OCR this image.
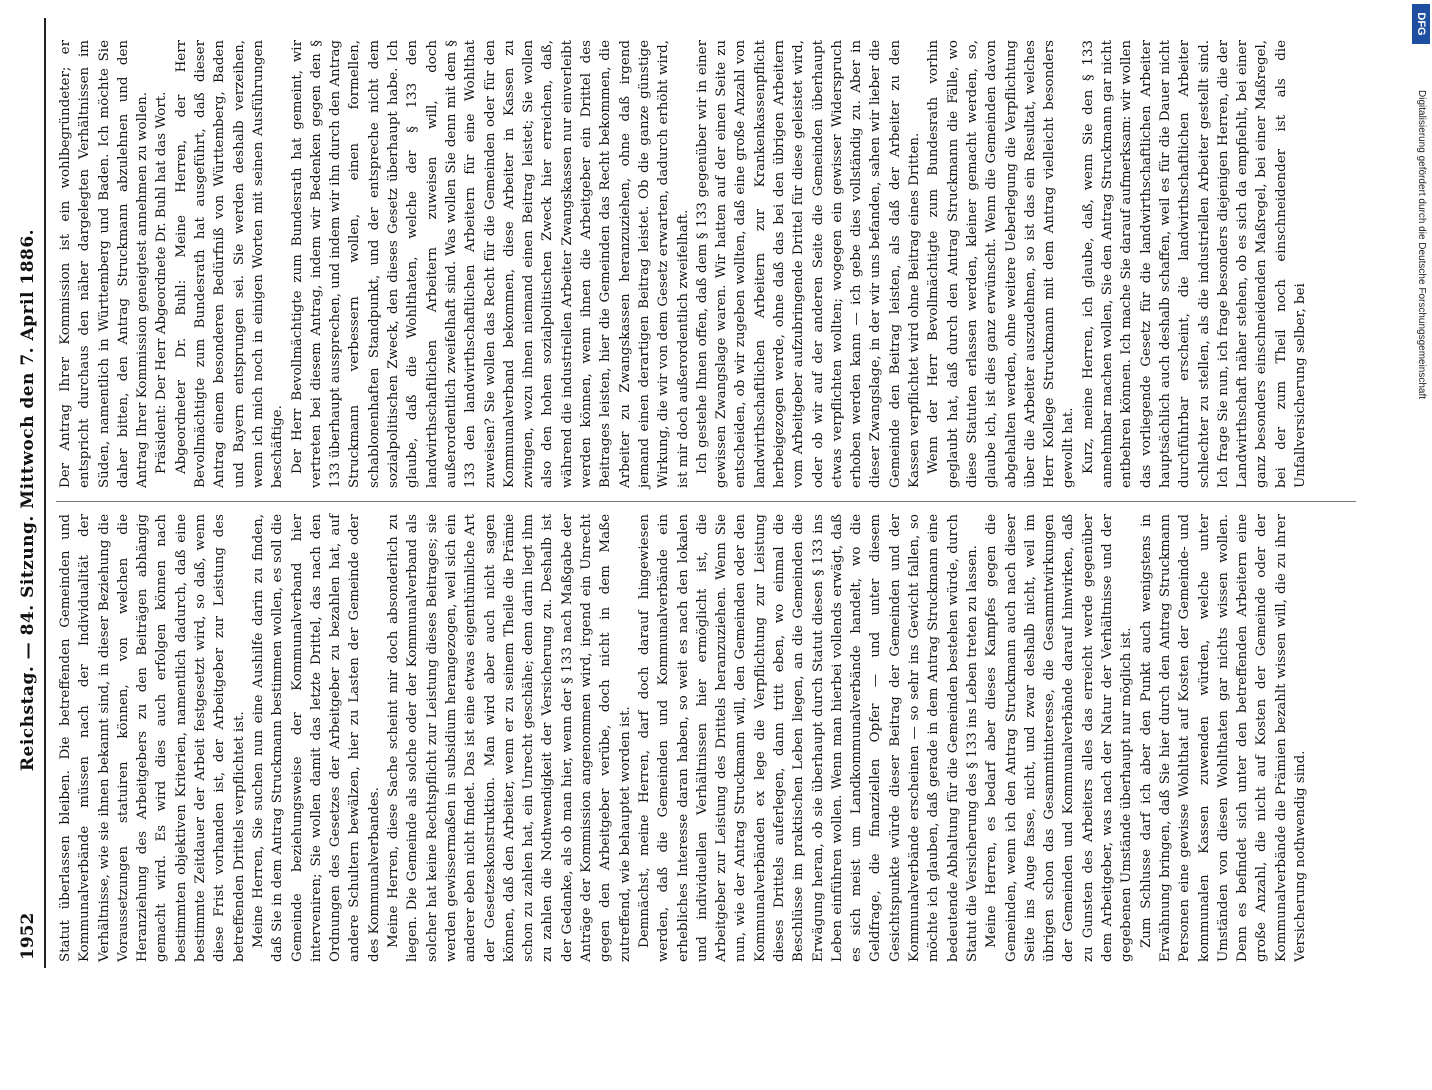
1952
Reichstag. — 84. Sitzung. Mittwoch den 7. April 1886. Statut überlassen bleiben. Die betreffenden Gemeinden und Kommunalverbände müssen nach der Individualität der Verhältnisse, wie sie ihnen bekannt sind, in dieser Beziehung die Voraussetzungen statuiren können, von welchen die Heranziehung des Arbeitgebers zu den Beiträgen abhängig gemacht wird. Es wird dies auch erfolgen können nach bestimmten objektiven Kriterien, namentlich dadurch, daß eine bestimmte Zeitdauer der Arbeit festgesetzt wird, so daß, wenn diese Frist vorhanden ist, der Arbeitgeber zur Leistung des betreffenden Drittels verpflichtet ist. Meine Herren, Sie suchen nun eine Aushilfe darin zu finden, daß Sie in dem Antrag Struckmann bestimmen wollen, es soll die Gemeinde beziehungsweise der Kommunalverband hier interveniren; Sie wollen damit das letzte Drittel, das nach den Ordnungen des Gesetzes der Arbeitgeber zu bezahlen hat, auf andere Schultern bewälzen, hier zu Lasten der Gemeinde oder des Kommunalverbandes. Meine Herren, diese Sache scheint mir doch absonderlich zu liegen. Die Gemeinde als solche oder der Kommunalverband als solcher hat keine Rechtspflicht zur Leistung dieses Beitrages; sie werden gewissermaßen in subsidium herangezogen, weil sich ein anderer eben nicht findet. Das ist eine etwas eigenthümliche Art der Gesetzeskonstruktion. Man wird aber auch nicht sagen können, daß den Arbeiter, wenn er zu seinem Theile die Prämie schon zu zahlen hat, ein Unrecht geschähe; denn darin liegt ihm zu zahlen die Nothwendigkeit der Versicherung zu. Deshalb ist der Gedanke, als ob man hier, wenn der § 133 nach Maßgabe der Anträge der Kommission angenommen wird, irgend ein Unrecht gegen den Arbeitgeber verübe, doch nicht in dem Maße zutreffend, wie behauptet worden ist. Demnächst, meine Herren, darf doch darauf hingewiesen werden, daß die Gemeinden und Kommunalverbände ein erhebliches Interesse daran haben, so weit es nach den lokalen und individuellen Verhältnissen hier ermöglicht ist, die Arbeitgeber zur Leistung des Drittels heranzuziehen. Wenn Sie nun, wie der Antrag Struckmann will, den Gemeinden oder den Kommunalverbänden ex lege die Verpflichtung zur Leistung dieses Drittels auferlegen, dann tritt eben, wo einmal die Beschlüsse im praktischen Leben liegen, an die Gemeinden die Erwägung heran, ob sie überhaupt durch Statut diesen § 133 ins Leben einführen wollen. Wenn man hierbei vollends erwägt, daß es sich meist um Landkommunalverbände handelt, wo die Geldfrage, die finanziellen Opfer — und unter diesem Gesichtspunkte würde dieser Beitrag der Gemeinden und der Kommunalverbände erscheinen — so sehr ins Gewicht fallen, so möchte ich glauben, daß gerade in dem Antrag Struckmann eine bedeutende Abhaltung für die Gemeinden bestehen würde, durch Statut die Versicherung des § 133 ins Leben treten zu lassen. Meine Herren, es bedarf aber dieses Kampfes gegen die Gemeinden, wenn ich den Antrag Struckmann auch nach dieser Seite ins Auge fasse, nicht, und zwar deshalb nicht, weil im übrigen schon das Gesammtinteresse, die Gesammtwirkungen der Gemeinden und Kommunalverbände darauf hinwirken, daß zu Gunsten des Arbeiters alles das erreicht werde gegenüber dem Arbeitgeber, was nach der Natur der Verhältnisse und der gegebenen Umstände überhaupt nur möglich ist. Zum Schlusse darf ich aber den Punkt auch wenigstens in Erwähnung bringen, daß Sie hier durch den Antrag Struckmann Personen eine gewisse Wohlthat auf Kosten der Gemeinde- und kommunalen Kassen zuwenden würden, welche unter Umständen von diesen Wohlthaten gar nichts wissen wollen. Denn es befindet sich unter den betreffenden Arbeitern eine große Anzahl, die nicht auf Kosten der Gemeinde oder der Kommunalverbände die Prämien bezahlt wissen will, die zu ihrer Versicherung nothwendig sind.

Der Antrag Ihrer Kommission ist ein wohlbegründeter; er entspricht durchaus den näher dargelegten Verhältnissen im Süden, namentlich in Württemberg und Baden. Ich möchte Sie daher bitten, den Antrag Struckmann abzulehnen und den Antrag Ihrer Kommission geneigtest annehmen zu wollen. Präsident: Der Herr Abgeordnete Dr. Buhl hat das Wort. Abgeordneter Dr. Buhl: Meine Herren, der Herr Bevollmächtigte zum Bundesrath hat ausgeführt, daß dieser Antrag einem besonderen Bedürfniß von Württemberg, Baden und Bayern entsprungen sei. Sie werden deshalb verzeihen, wenn ich mich noch in einigen Worten mit seinen Ausführungen beschäftige. Der Herr Bevollmächtigte zum Bundesrath hat gemeint, wir vertreten bei diesem Antrag, indem wir Bedenken gegen den § 133 überhaupt aussprechen, und indem wir ihn durch den Antrag Struckmann verbessern wollen, einen formellen, schablonenhaften Standpunkt, und der entspreche nicht dem sozialpolitischen Zweck, den dieses Gesetz überhaupt habe. Ich glaube, daß die Wohlthaten, welche der § 133 den landwirthschaftlichen Arbeitern zuweisen will, doch außerordentlich zweifelhaft sind. Was wollen Sie denn mit dem § 133 den landwirthschaftlichen Arbeitern für eine Wohlthat zuweisen? Sie wollen das Recht für die Gemeinden oder für den Kommunalverband bekommen, diese Arbeiter in Kassen zu zwingen, wozu ihnen niemand einen Beitrag leistet; Sie wollen also den hohen sozialpolitischen Zweck hier erreichen, daß, während die industriellen Arbeiter Zwangskassen nur einverleibt werden können, wenn ihnen die Arbeitgeber ein Drittel des Beitrages leisten, hier die Gemeinden das Recht bekommen, die Arbeiter zu Zwangskassen heranzuziehen, ohne daß irgend jemand einen derartigen Beitrag leistet. Ob die ganze günstige Wirkung, die wir von dem Gesetz erwarten, dadurch erhöht wird, ist mir doch außerordentlich zweifelhaft. Ich gestehe Ihnen offen, daß dem § 133 gegenüber wir in einer gewissen Zwangslage waren. Wir hatten auf der einen Seite zu entscheiden, ob wir zugeben wollten, daß eine große Anzahl von landwirthschaftlichen Arbeitern zur Krankenkassenpflicht herbeigezogen werde, ohne daß das bei den übrigen Arbeitern vom Arbeitgeber aufzubringende Drittel für diese geleistet wird, oder ob wir auf der anderen Seite die Gemeinden überhaupt etwas verpflichten wollten; wogegen ein gewisser Widerspruch erhoben werden kann — ich gebe dies vollständig zu. Aber in dieser Zwangslage, in der wir uns befanden, sahen wir lieber die Gemeinde den Beitrag leisten, als daß der Arbeiter zu den Kassen verpflichtet wird ohne Beitrag eines Dritten. Wenn der Herr Bevollmächtigte zum Bundesrath vorhin geglaubt hat, daß durch den Antrag Struckmann die Fälle, wo diese Statuten erlassen werden, kleiner gemacht werden, so, glaube ich, ist dies ganz erwünscht. Wenn die Gemeinden davon abgehalten werden, ohne weitere Ueberlegung die Verpflichtung über die Arbeiter auszudehnen, so ist das ein Resultat, welches Herr Kollege Struckmann mit dem Antrag vielleicht besonders gewollt hat. Kurz, meine Herren, ich glaube, daß, wenn Sie den § 133 annehmbar machen wollen, Sie den Antrag Struckmann gar nicht entbehren können. Ich mache Sie darauf aufmerksam: wir wollen das vorliegende Gesetz für die landwirthschaftlichen Arbeiter hauptsächlich auch deshalb schaffen, weil es für die Dauer nicht durchführbar erscheint, die landwirthschaftlichen Arbeiter schlechter zu stellen, als die industriellen Arbeiter gestellt sind. Ich frage Sie nun, ich frage besonders diejenigen Herren, die der Landwirthschaft näher stehen, ob es sich da empfiehlt, bei einer ganz besonders einschneidenden Maßregel, bei einer Maßregel, bei der zum Theil noch einschneidender ist als die Unfallversicherung selber, bei	Digitalisierung gefördert durch die Deutsche Forschungsgemeinschaft
DFG
